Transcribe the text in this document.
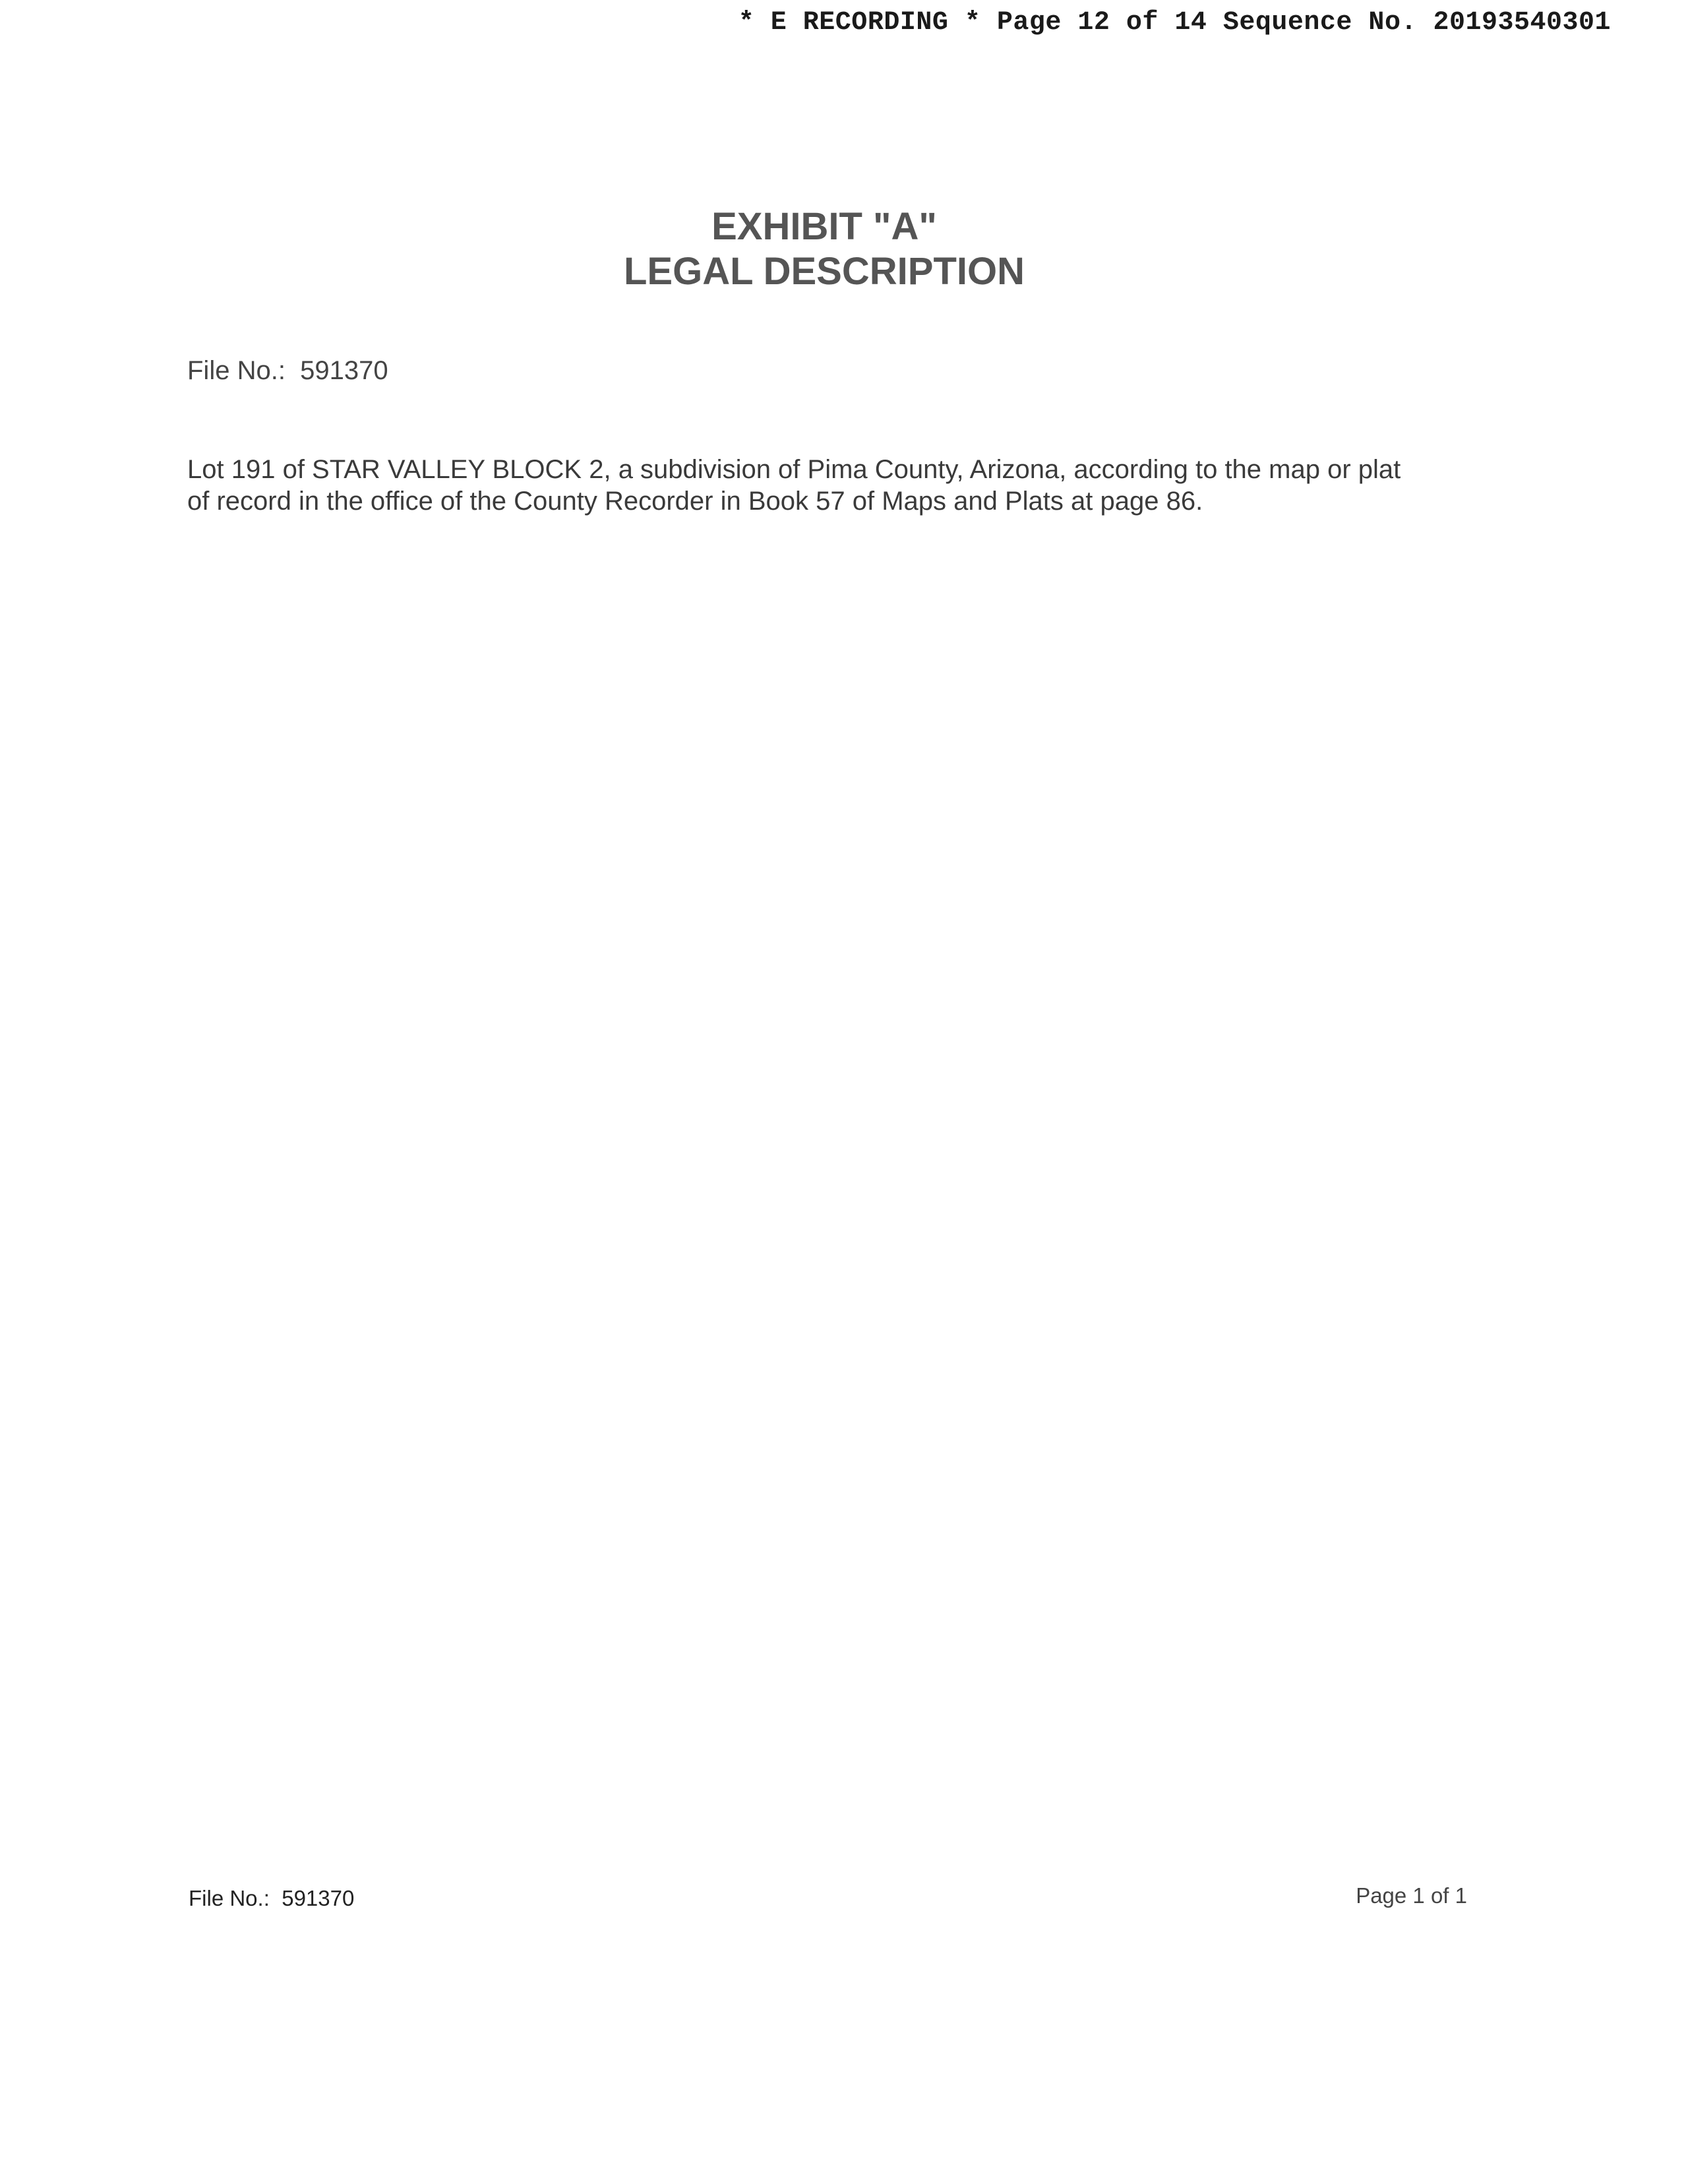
* E RECORDING * Page 12 of 14 Sequence No. 20193540301
EXHIBIT "A"
LEGAL DESCRIPTION
File No.: 591370

Lot 191 of STAR VALLEY BLOCK 2, a subdivision of Pima County, Arizona, according to the map or plat

of record in the office of the County Recorder in Book 57 of Maps and Plats at page 86.

File No.: 591370	Page 1 of 1
